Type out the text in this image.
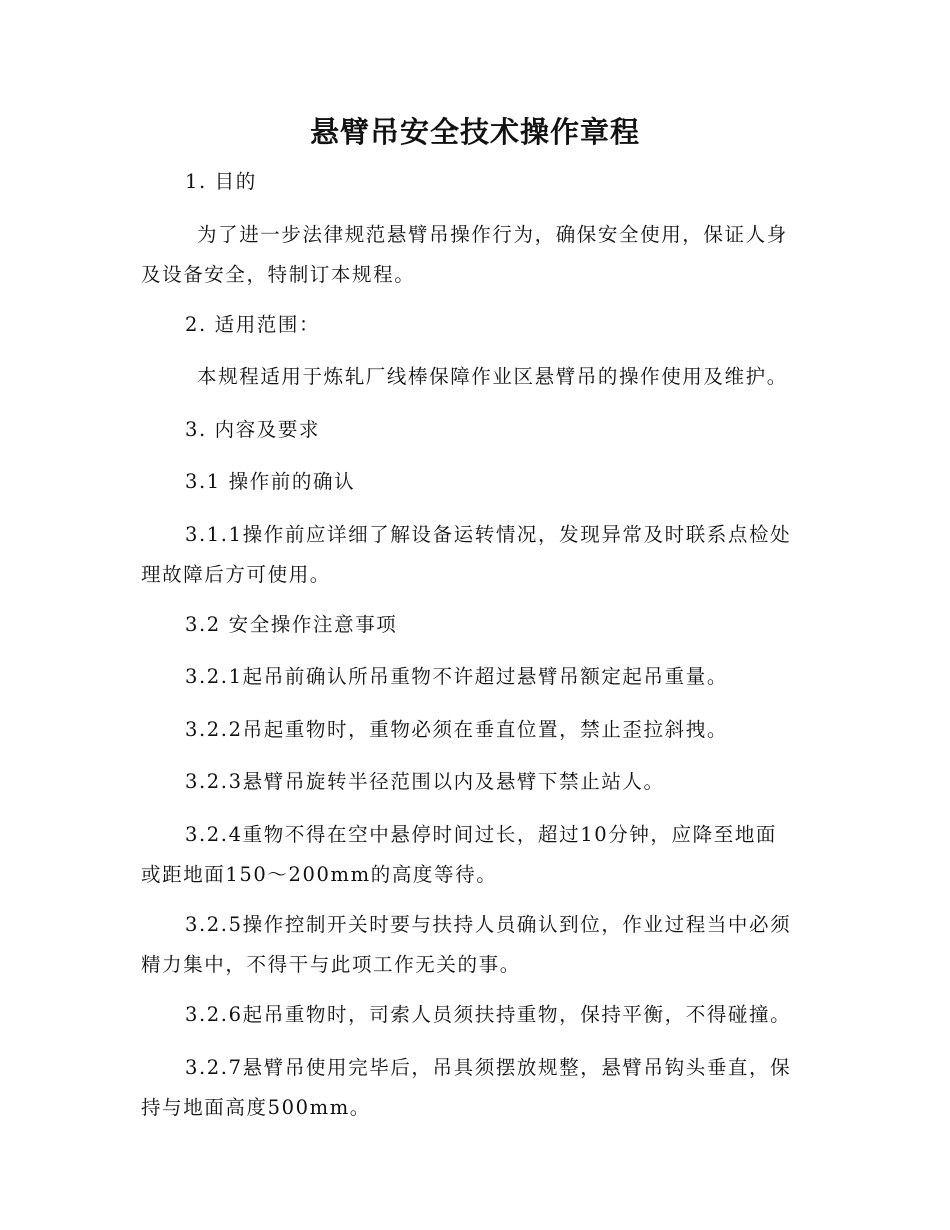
悬臂吊安全技术操作章程
1. 目的
为了进一步法律规范悬臂吊操作行为，确保安全使用，保证人身
及设备安全，特制订本规程。
2. 适用范围：
本规程适用于炼轧厂线棒保障作业区悬臂吊的操作使用及维护。
3. 内容及要求
3.1 操作前的确认
3.1.1操作前应详细了解设备运转情况，发现异常及时联系点检处
理故障后方可使用。
3.2 安全操作注意事项
3.2.1起吊前确认所吊重物不许超过悬臂吊额定起吊重量。
3.2.2吊起重物时，重物必须在垂直位置，禁止歪拉斜拽。
3.2.3悬臂吊旋转半径范围以内及悬臂下禁止站人。
3.2.4重物不得在空中悬停时间过长，超过10分钟，应降至地面
或距地面150～200mm的高度等待。
3.2.5操作控制开关时要与扶持人员确认到位，作业过程当中必须
精力集中，不得干与此项工作无关的事。
3.2.6起吊重物时，司索人员须扶持重物，保持平衡，不得碰撞。
3.2.7悬臂吊使用完毕后，吊具须摆放规整，悬臂吊钩头垂直，保
持与地面高度500mm。
